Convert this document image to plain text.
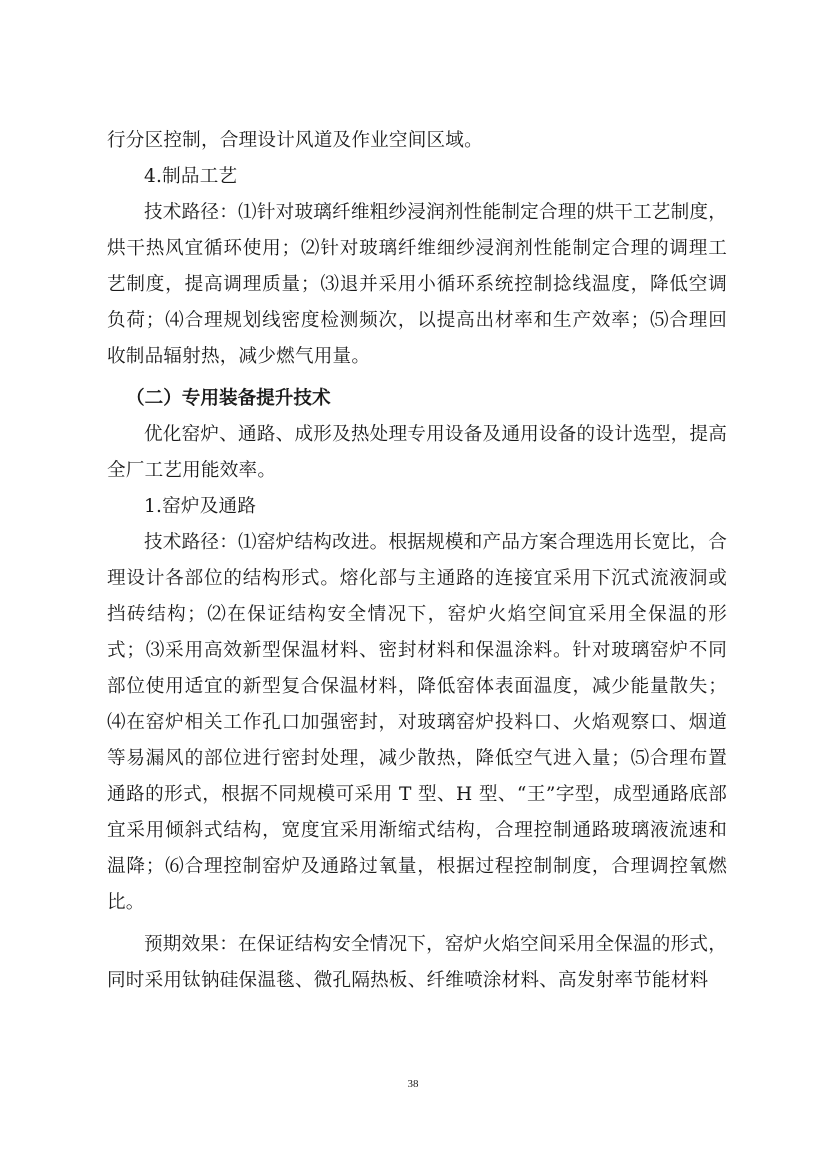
行分区控制，合理设计风道及作业空间区域。

4.制品工艺

技术路径：⑴针对玻璃纤维粗纱浸润剂性能制定合理的烘干工艺制度，烘干热风宜循环使用；⑵针对玻璃纤维细纱浸润剂性能制定合理的调理工艺制度，提高调理质量；⑶退并采用小循环系统控制捻线温度，降低空调负荷；⑷合理规划线密度检测频次，以提高出材率和生产效率；⑸合理回收制品辐射热，减少燃气用量。

（二）专用装备提升技术

优化窑炉、通路、成形及热处理专用设备及通用设备的设计选型，提高全厂工艺用能效率。

1.窑炉及通路

技术路径：⑴窑炉结构改进。根据规模和产品方案合理选用长宽比，合理设计各部位的结构形式。熔化部与主通路的连接宜采用下沉式流液洞或挡砖结构；⑵在保证结构安全情况下，窑炉火焰空间宜采用全保温的形式；⑶采用高效新型保温材料、密封材料和保温涂料。针对玻璃窑炉不同部位使用适宜的新型复合保温材料，降低窑体表面温度，减少能量散失；⑷在窑炉相关工作孔口加强密封，对玻璃窑炉投料口、火焰观察口、烟道等易漏风的部位进行密封处理，减少散热，降低空气进入量；⑸合理布置通路的形式，根据不同规模可采用 T 型、H 型、“王”字型，成型通路底部宜采用倾斜式结构，宽度宜采用渐缩式结构，合理控制通路玻璃液流速和温降；⑹合理控制窑炉及通路过氧量，根据过程控制制度，合理调控氧燃比。

预期效果：在保证结构安全情况下，窑炉火焰空间采用全保温的形式，同时采用钛钠硅保温毯、微孔隔热板、纤维喷涂材料、高发射率节能材料

38
